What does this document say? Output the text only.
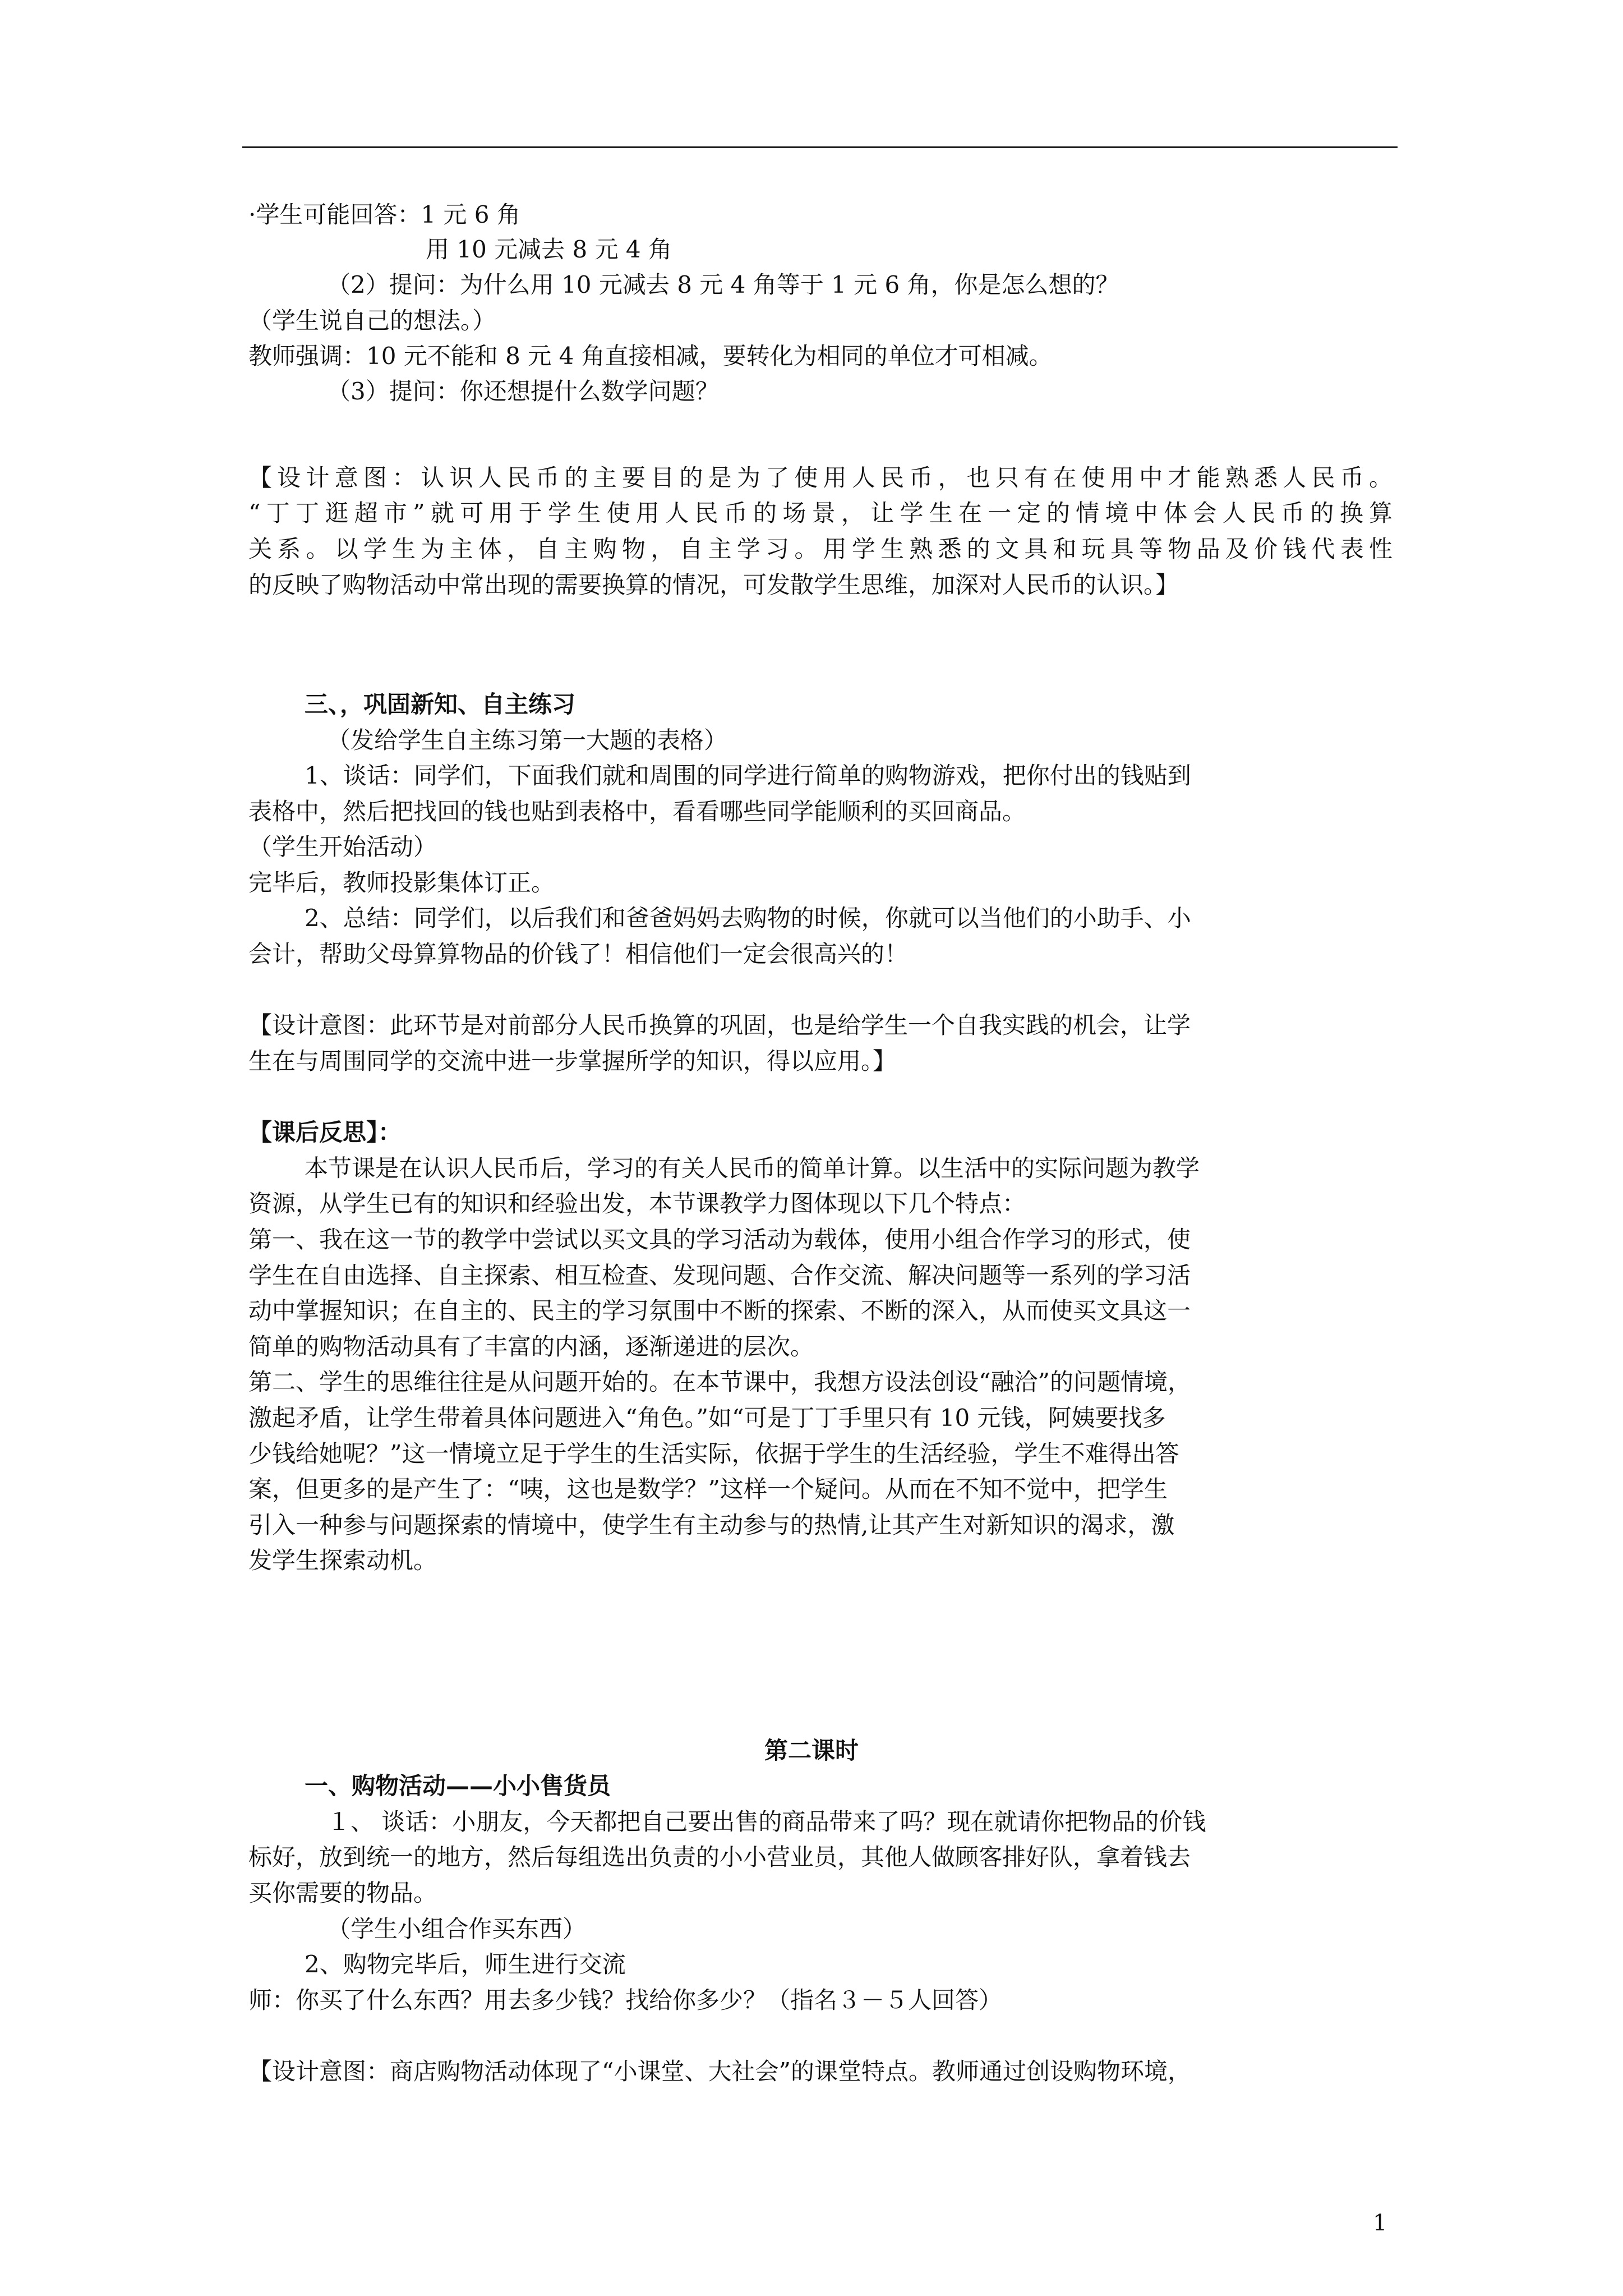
·学生可能回答：1 元 6 角
用 10 元减去 8 元 4 角
（2）提问：为什么用 10 元减去 8 元 4 角等于 1 元 6 角，你是怎么想的？
（学生说自己的想法。）
教师强调：10 元不能和 8 元 4 角直接相减，要转化为相同的单位才可相减。
（3）提问：你还想提什么数学问题？
【设计意图：认识人民币的主要目的是为了使用人民币，也只有在使用中才能熟悉人民币。
“丁丁逛超市”就可用于学生使用人民币的场景，让学生在一定的情境中体会人民币的换算
关系。以学生为主体，自主购物，自主学习。用学生熟悉的文具和玩具等物品及价钱代表性
的反映了购物活动中常出现的需要换算的情况，可发散学生思维，加深对人民币的认识。】
三、，巩固新知、自主练习
（发给学生自主练习第一大题的表格）
1、谈话：同学们，下面我们就和周围的同学进行简单的购物游戏，把你付出的钱贴到
表格中，然后把找回的钱也贴到表格中，看看哪些同学能顺利的买回商品。
（学生开始活动）
完毕后，教师投影集体订正。
2、总结：同学们，以后我们和爸爸妈妈去购物的时候，你就可以当他们的小助手、小
会计，帮助父母算算物品的价钱了！相信他们一定会很高兴的！
【设计意图：此环节是对前部分人民币换算的巩固，也是给学生一个自我实践的机会，让学
生在与周围同学的交流中进一步掌握所学的知识，得以应用。】
【课后反思】：
本节课是在认识人民币后，学习的有关人民币的简单计算。以生活中的实际问题为教学
资源，从学生已有的知识和经验出发，本节课教学力图体现以下几个特点：
第一、我在这一节的教学中尝试以买文具的学习活动为载体，使用小组合作学习的形式，使
学生在自由选择、自主探索、相互检查、发现问题、合作交流、解决问题等一系列的学习活
动中掌握知识；在自主的、民主的学习氛围中不断的探索、不断的深入，从而使买文具这一
简单的购物活动具有了丰富的内涵，逐渐递进的层次。
第二、学生的思维往往是从问题开始的。在本节课中，我想方设法创设“融洽”的问题情境，
激起矛盾，让学生带着具体问题进入“角色。”如“可是丁丁手里只有 10 元钱，阿姨要找多
少钱给她呢？”这一情境立足于学生的生活实际，依据于学生的生活经验，学生不难得出答
案，但更多的是产生了：“咦，这也是数学？”这样一个疑问。从而在不知不觉中，把学生
引入一种参与问题探索的情境中，使学生有主动参与的热情,让其产生对新知识的渴求，激
发学生探索动机。
第二课时
一、购物活动——小小售货员
１、 谈话：小朋友，今天都把自己要出售的商品带来了吗？现在就请你把物品的价钱
标好，放到统一的地方，然后每组选出负责的小小营业员，其他人做顾客排好队，拿着钱去
买你需要的物品。
（学生小组合作买东西）
2、购物完毕后，师生进行交流
师：你买了什么东西？用去多少钱？找给你多少？（指名３－５人回答）
【设计意图：商店购物活动体现了“小课堂、大社会”的课堂特点。教师通过创设购物环境，
1
